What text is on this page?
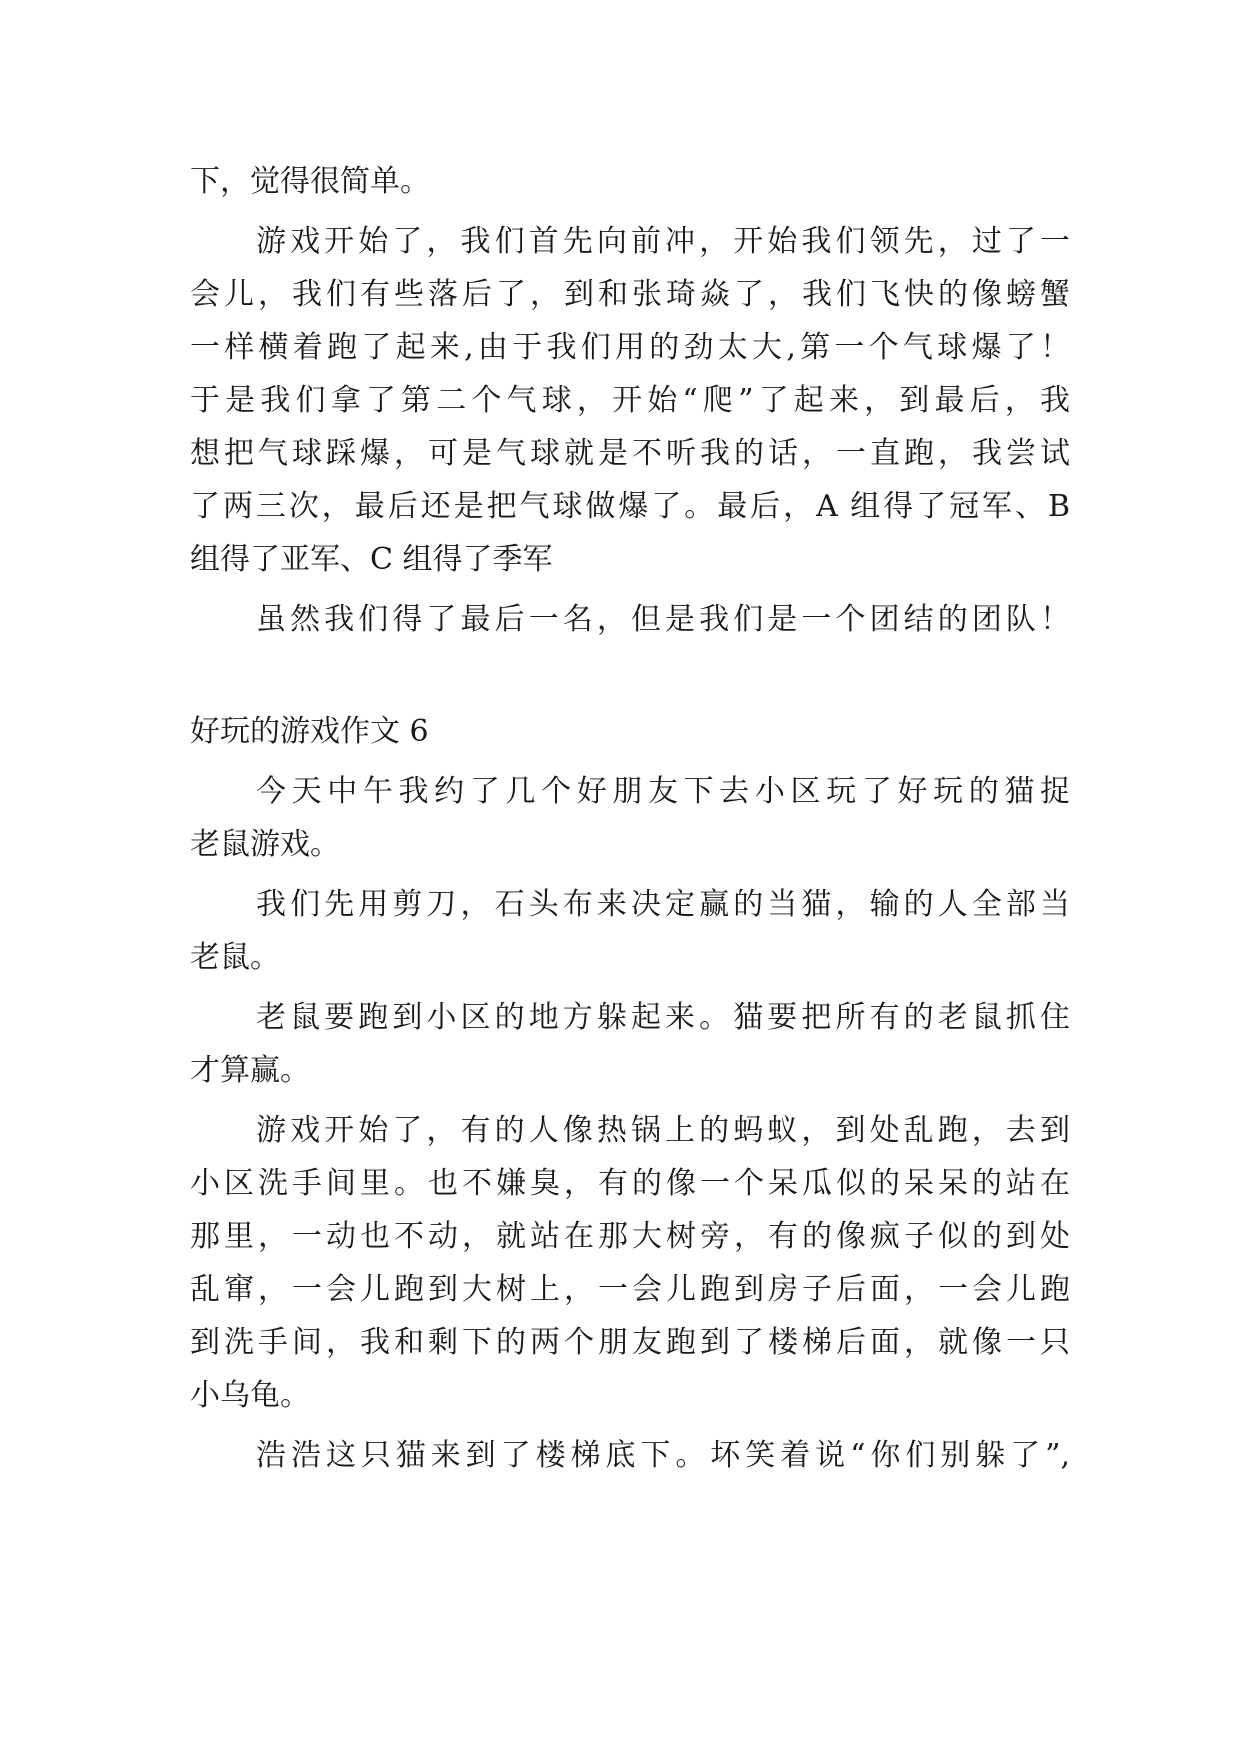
下，觉得很简单。
游戏开始了，我们首先向前冲，开始我们领先，过了一
会儿，我们有些落后了，到和张琦焱了，我们飞快的像螃蟹
一样横着跑了起来,由于我们用的劲太大,第一个气球爆了！
于是我们拿了第二个气球，开始“爬”了起来，到最后，我
想把气球踩爆，可是气球就是不听我的话，一直跑，我尝试
了两三次，最后还是把气球做爆了。最后，A 组得了冠军、B
组得了亚军、C 组得了季军
虽然我们得了最后一名，但是我们是一个团结的团队！
好玩的游戏作文 6
今天中午我约了几个好朋友下去小区玩了好玩的猫捉
老鼠游戏。
我们先用剪刀，石头布来决定赢的当猫，输的人全部当
老鼠。
老鼠要跑到小区的地方躲起来。猫要把所有的老鼠抓住
才算赢。
游戏开始了，有的人像热锅上的蚂蚁，到处乱跑，去到
小区洗手间里。也不嫌臭，有的像一个呆瓜似的呆呆的站在
那里，一动也不动，就站在那大树旁，有的像疯子似的到处
乱窜，一会儿跑到大树上，一会儿跑到房子后面，一会儿跑
到洗手间，我和剩下的两个朋友跑到了楼梯后面，就像一只
小乌龟。
浩浩这只猫来到了楼梯底下。坏笑着说“你们别躲了”,
